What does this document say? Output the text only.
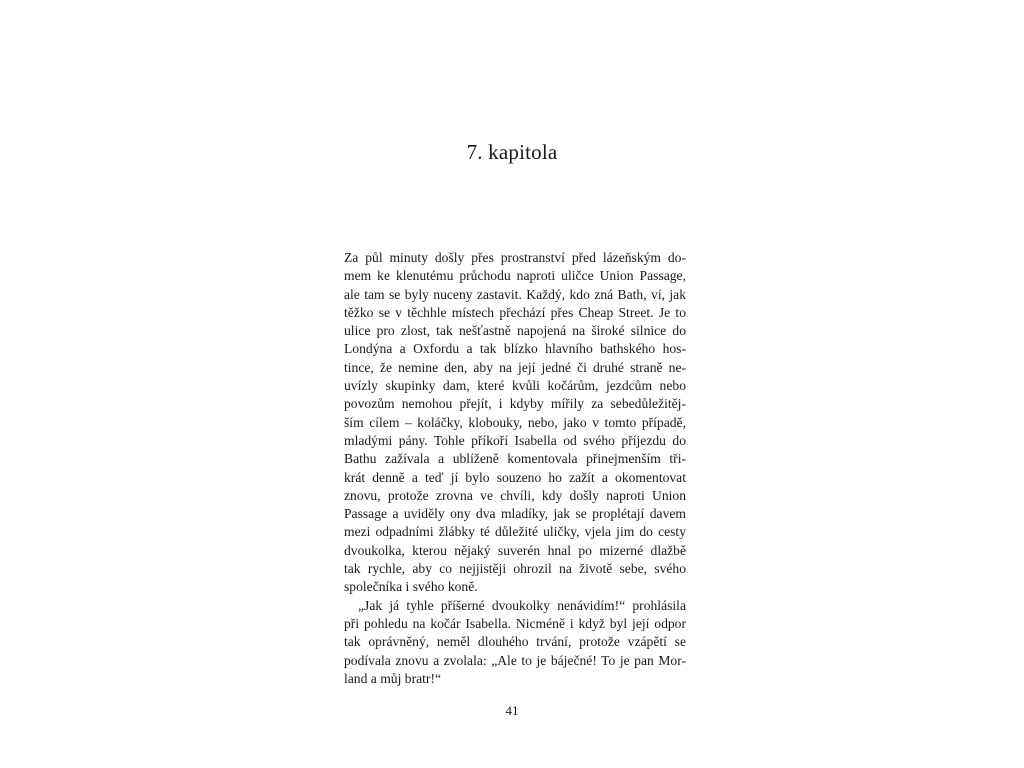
7. kapitola
Za půl minuty došly přes prostranství před lázeňským do-
mem ke klenutému průchodu naproti uličce Union Passage,
ale tam se byly nuceny zastavit. Každý, kdo zná Bath, ví, jak
těžko se v těchhle místech přechází přes Cheap Street. Je to
ulice pro zlost, tak nešťastně napojená na široké silnice do
Londýna a Oxfordu a tak blízko hlavního bathského hos-
tince, že nemine den, aby na její jedné či druhé straně ne-
uvízly skupinky dam, které kvůli kočárům, jezdcům nebo
povozům nemohou přejít, i kdyby mířily za sebedůležitěj-
ším cílem – koláčky, klobouky, nebo, jako v tomto případě,
mladými pány. Tohle příkoří Isabella od svého příjezdu do
Bathu zažívala a ublíženě komentovala přinejmenším tři-
krát denně a teď jí bylo souzeno ho zažít a okomentovat
znovu, protože zrovna ve chvíli, kdy došly naproti Union
Passage a uviděly ony dva mladíky, jak se proplétají davem
mezi odpadními žlábky té důležité uličky, vjela jim do cesty
dvoukolka, kterou nějaký suverén hnal po mizerné dlažbě
tak rychle, aby co nejjistěji ohrozil na životě sebe, svého
společníka i svého koně.
„Jak já tyhle příšerné dvoukolky nenávidím!“ prohlásila
při pohledu na kočár Isabella. Nicméně i když byl její odpor
tak oprávněný, neměl dlouhého trvání, protože vzápětí se
podívala znovu a zvolala: „Ale to je báječné! To je pan Mor-
land a můj bratr!“
41
